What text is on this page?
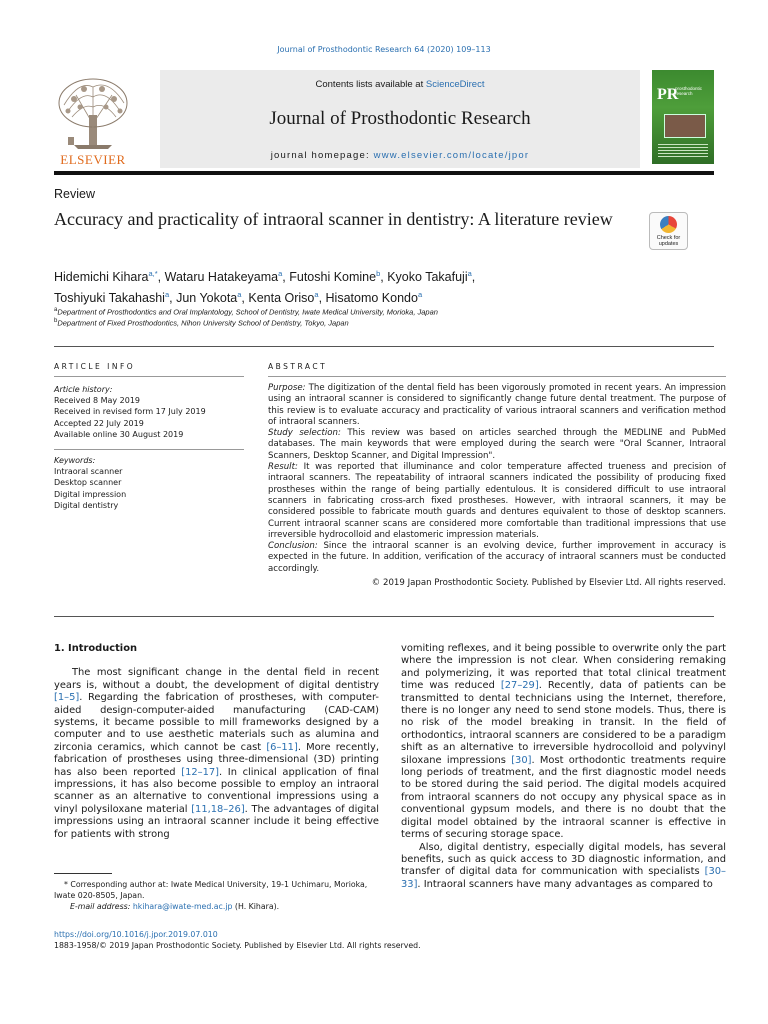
Journal of Prosthodontic Research 64 (2020) 109–113
ELSEVIER
Contents lists available at ScienceDirect
Journal of Prosthodontic Research
journal homepage: www.elsevier.com/locate/jpor
PR
prosthodontic research
Review
Accuracy and practicality of intraoral scanner in dentistry: A literature review
Check for updates
Hidemichi Kihara$^{a,*}$, Wataru Hatakeyama$^a$, Futoshi Komine$^b$, Kyoko Takafuji$^a$,
Toshiyuki Takahashi$^a$, Jun Yokota$^a$, Kenta Oriso$^a$, Hisatomo Kondo$^a$
$^a$Department of Prosthodontics and Oral Implantology, School of Dentistry, Iwate Medical University, Morioka, Japan
$^b$Department of Fixed Prosthodontics, Nihon University School of Dentistry, Tokyo, Japan
ARTICLE INFO	ABSTRACT
Article history:
Received 8 May 2019
Received in revised form 17 July 2019
Accepted 22 July 2019
Available online 30 August 2019
Keywords:
Intraoral scanner
Desktop scanner
Digital impression
Digital dentistry

Purpose: The digitization of the dental field has been vigorously promoted in recent years. An impression using an intraoral scanner is considered to significantly change future dental treatment. The purpose of this review is to evaluate accuracy and practicality of various intraoral scanners and verification method of intraoral scanners.

Study selection: This review was based on articles searched through the MEDLINE and PubMed databases. The main keywords that were employed during the search were "Oral Scanner, Intraoral Scanners, Desktop Scanner, and Digital Impression".

Result: It was reported that illuminance and color temperature affected trueness and precision of intraoral scanners. The repeatability of intraoral scanners indicated the possibility of producing fixed prostheses within the range of being partially edentulous. It is considered difficult to use intraoral scanners in fabricating cross-arch fixed prostheses. However, with intraoral scanners, it may be considered possible to fabricate mouth guards and dentures equivalent to those of desktop scanners. Current intraoral scanner scans are considered more comfortable than traditional impressions that use irreversible hydrocolloid and elastomeric impression materials.

Conclusion: Since the intraoral scanner is an evolving device, further improvement in accuracy is expected in the future. In addition, verification of the accuracy of intraoral scanners must be conducted accordingly.

© 2019 Japan Prosthodontic Society. Published by Elsevier Ltd. All rights reserved.

1. Introduction

The most significant change in the dental field in recent years is, without a doubt, the development of digital dentistry [1–5]. Regarding the fabrication of prostheses, with computer-aided design-computer-aided manufacturing (CAD-CAM) systems, it became possible to mill frameworks designed by a computer and to use aesthetic materials such as alumina and zirconia ceramics, which cannot be cast [6–11]. More recently, fabrication of prostheses using three-dimensional (3D) printing has also been reported [12–17]. In clinical application of final impressions, it has also become possible to employ an intraoral scanner as an alternative to conventional impressions using a vinyl polysiloxane material [11,18–26]. The advantages of digital impressions using an intraoral scanner include it being effective for patients with strong

vomiting reflexes, and it being possible to overwrite only the part where the impression is not clear. When considering remaking and polymerizing, it was reported that total clinical treatment time was reduced [27–29]. Recently, data of patients can be transmitted to dental technicians using the Internet, therefore, there is no longer any need to send stone models. Thus, there is no risk of the model breaking in transit. In the field of orthodontics, intraoral scanners are considered to be a paradigm shift as an alternative to irreversible hydrocolloid and polyvinyl siloxane impressions [30]. Most orthodontic treatments require long periods of treatment, and the first diagnostic model needs to be stored during the said period. The digital models acquired from intraoral scanners do not occupy any physical space as in conventional gypsum models, and there is no doubt that the digital model obtained by the intraoral scanner is effective in terms of securing storage space.

Also, digital dentistry, especially digital models, has several benefits, such as quick access to 3D diagnostic information, and transfer of digital data for communication with specialists [30–33]. Intraoral scanners have many advantages as compared to

* Corresponding author at: Iwate Medical University, 19-1 Uchimaru, Morioka, Iwate 020-8505, Japan.
E-mail address: hkihara@iwate-med.ac.jp (H. Kihara).
https://doi.org/10.1016/j.jpor.2019.07.010
1883-1958/© 2019 Japan Prosthodontic Society. Published by Elsevier Ltd. All rights reserved.
